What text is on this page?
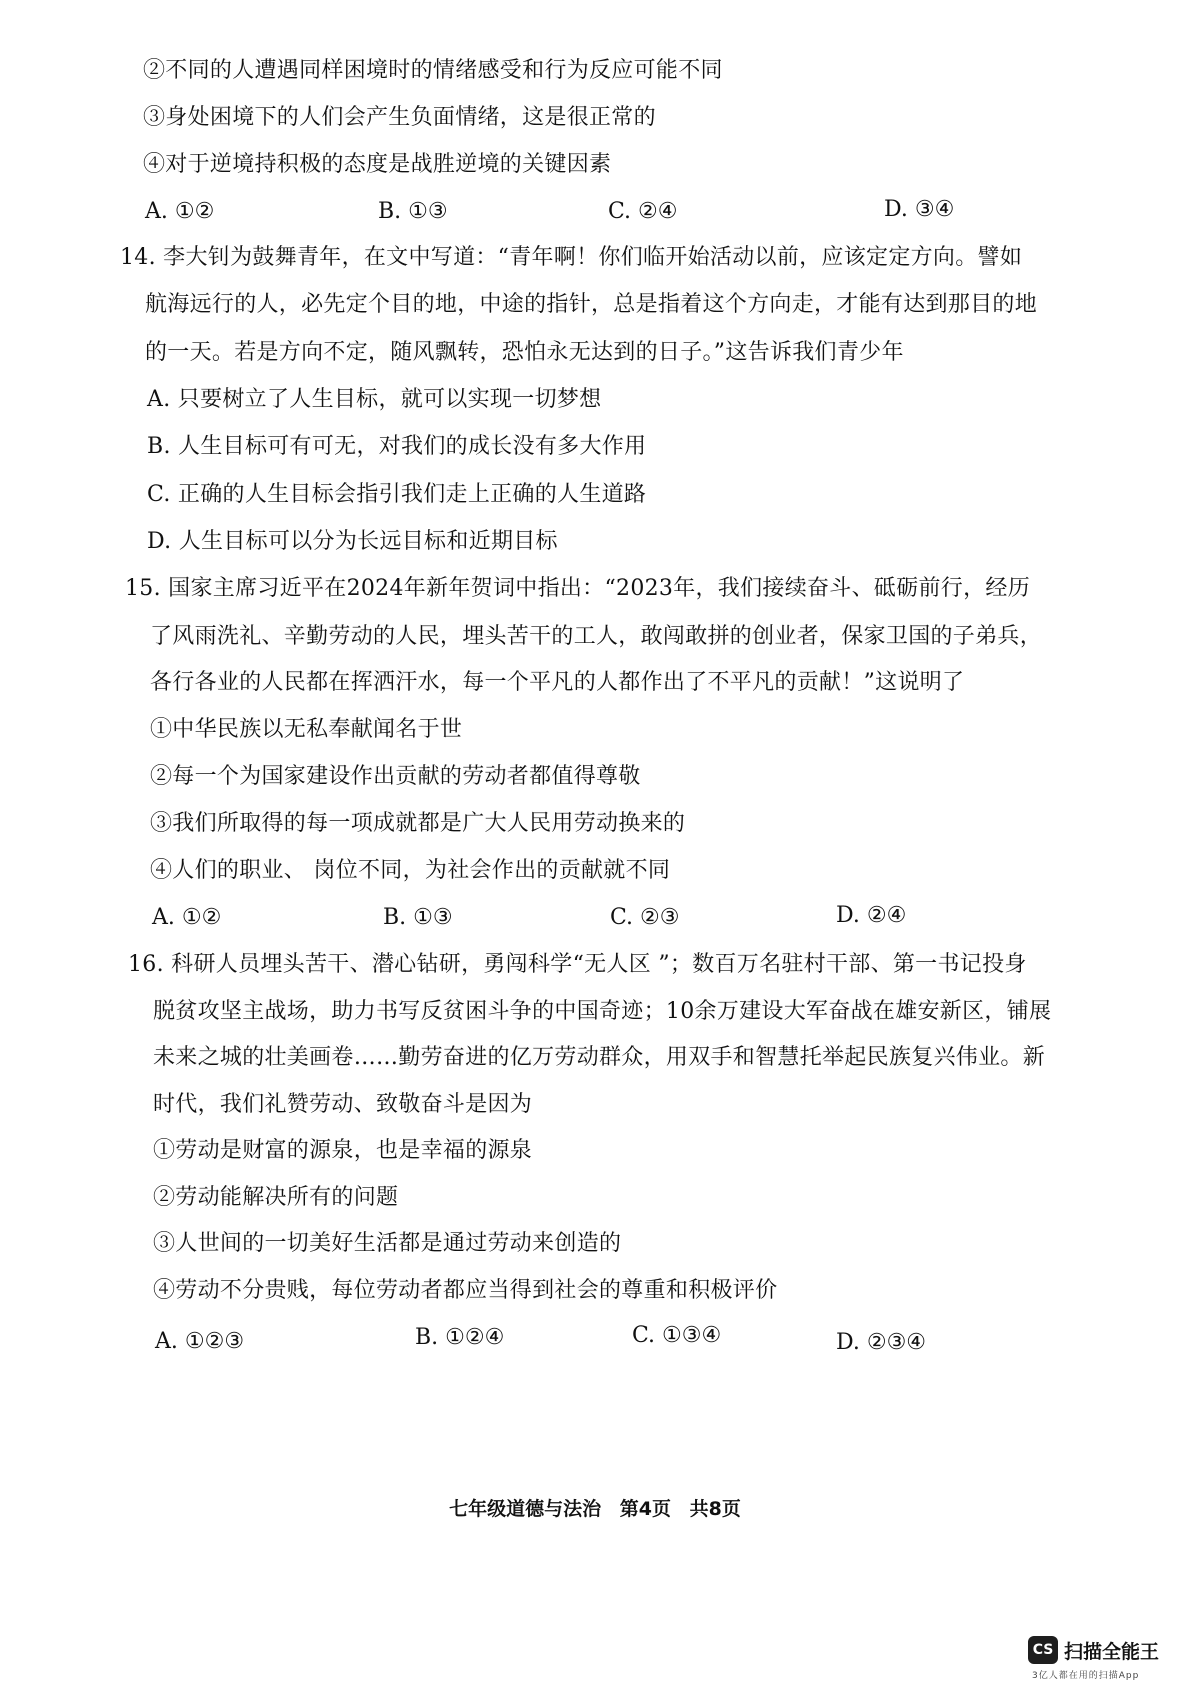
②不同的人遭遇同样困境时的情绪感受和行为反应可能不同
③身处困境下的人们会产生负面情绪，这是很正常的
④对于逆境持积极的态度是战胜逆境的关键因素
A. ①②	B. ①③	C. ②④	D. ③④
14. 李大钊为鼓舞青年，在文中写道：“青年啊！你们临开始活动以前，应该定定方向。譬如
航海远行的人，必先定个目的地，中途的指针，总是指着这个方向走，才能有达到那目的地
的一天。若是方向不定，随风飘转，恐怕永无达到的日子。”这告诉我们青少年
A. 只要树立了人生目标，就可以实现一切梦想
B. 人生目标可有可无，对我们的成长没有多大作用
C. 正确的人生目标会指引我们走上正确的人生道路
D. 人生目标可以分为长远目标和近期目标
15. 国家主席习近平在2024年新年贺词中指出：“2023年，我们接续奋斗、砥砺前行，经历
了风雨洗礼、辛勤劳动的人民，埋头苦干的工人，敢闯敢拼的创业者，保家卫国的子弟兵，
各行各业的人民都在挥洒汗水，每一个平凡的人都作出了不平凡的贡献！”这说明了
①中华民族以无私奉献闻名于世
②每一个为国家建设作出贡献的劳动者都值得尊敬
③我们所取得的每一项成就都是广大人民用劳动换来的
④人们的职业、 岗位不同，为社会作出的贡献就不同
A. ①②	B. ①③	C. ②③	D. ②④
16. 科研人员埋头苦干、潜心钻研，勇闯科学“无人区 ”；数百万名驻村干部、第一书记投身
脱贫攻坚主战场，助力书写反贫困斗争的中国奇迹；10余万建设大军奋战在雄安新区，铺展
未来之城的壮美画卷……勤劳奋进的亿万劳动群众，用双手和智慧托举起民族复兴伟业。新
时代，我们礼赞劳动、致敬奋斗是因为
①劳动是财富的源泉，也是幸福的源泉
②劳动能解决所有的问题
③人世间的一切美好生活都是通过劳动来创造的
④劳动不分贵贱，每位劳动者都应当得到社会的尊重和积极评价
A. ①②③	B. ①②④	C. ①③④	D. ②③④
七年级道德与法治 第4页 共8页
CS 扫描全能王
3亿人都在用的扫描App
